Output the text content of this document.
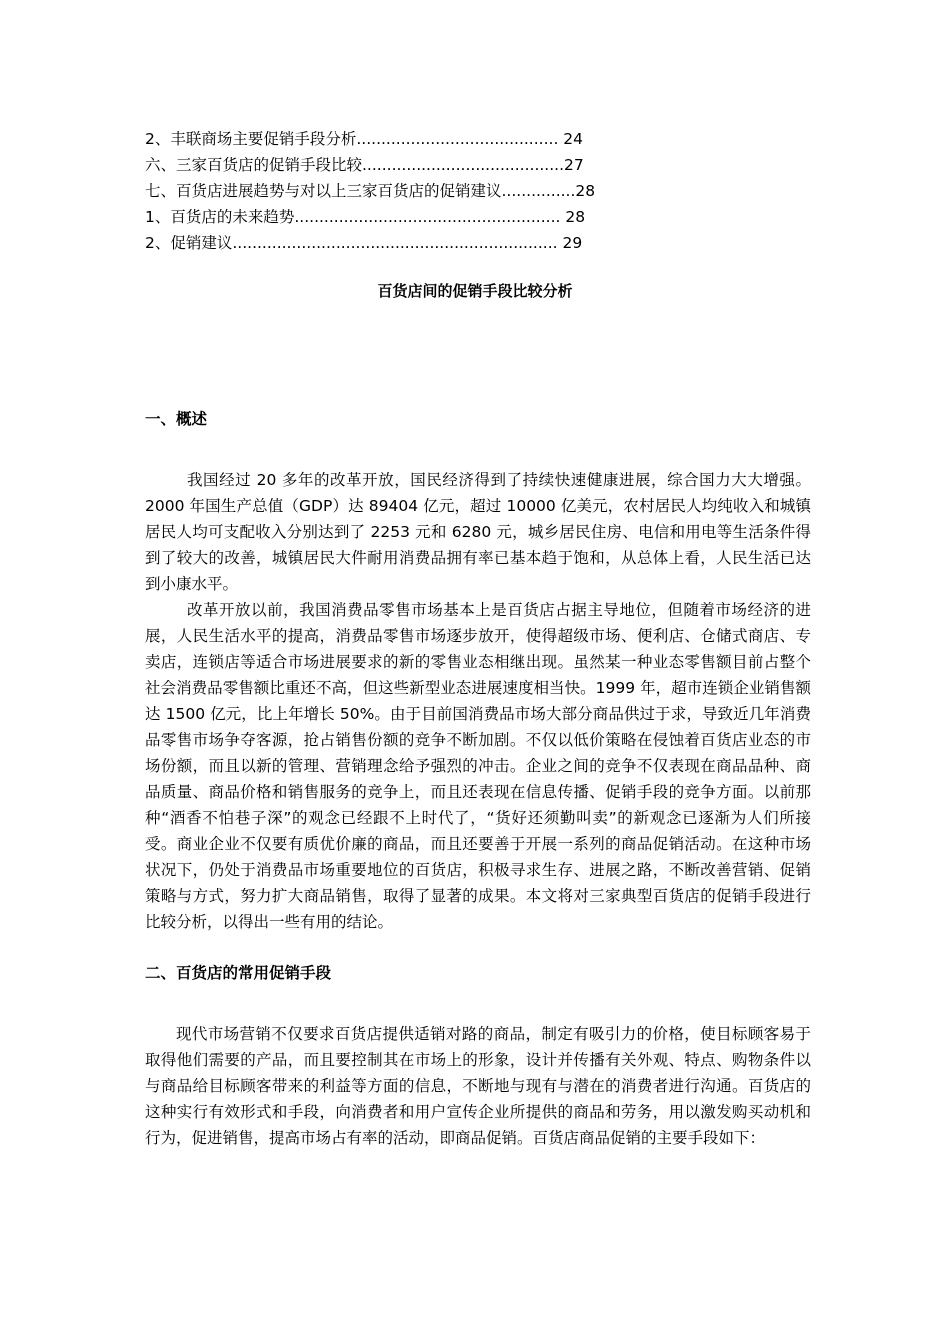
2、丰联商场主要促销手段分析......................................... 24
六、三家百货店的促销手段比较.........................................27
七、百货店进展趋势与对以上三家百货店的促销建议...............28
1、百货店的未来趋势...................................................... 28
2、促销建议.................................................................. 29
百货店间的促销手段比较分析
一、概述

我国经过 20 多年的改革开放，国民经济得到了持续快速健康进展，综合国力大大增强。2000 年国生产总值（GDP）达 89404 亿元，超过 10000 亿美元，农村居民人均纯收入和城镇居民人均可支配收入分别达到了 2253 元和 6280 元，城乡居民住房、电信和用电等生活条件得到了较大的改善，城镇居民大件耐用消费品拥有率已基本趋于饱和，从总体上看，人民生活已达到小康水平。

改革开放以前，我国消费品零售市场基本上是百货店占据主导地位，但随着市场经济的进展，人民生活水平的提高，消费品零售市场逐步放开，使得超级市场、便利店、仓储式商店、专卖店，连锁店等适合市场进展要求的新的零售业态相继出现。虽然某一种业态零售额目前占整个社会消费品零售额比重还不高，但这些新型业态进展速度相当快。1999 年，超市连锁企业销售额达 1500 亿元，比上年增长 50%。由于目前国消费品市场大部分商品供过于求，导致近几年消费品零售市场争夺客源，抢占销售份额的竞争不断加剧。不仅以低价策略在侵蚀着百货店业态的市场份额，而且以新的管理、营销理念给予强烈的冲击。企业之间的竞争不仅表现在商品品种、商品质量、商品价格和销售服务的竞争上，而且还表现在信息传播、促销手段的竞争方面。以前那种“酒香不怕巷子深”的观念已经跟不上时代了，“货好还须勤叫卖”的新观念已逐渐为人们所接受。商业企业不仅要有质优价廉的商品，而且还要善于开展一系列的商品促销活动。在这种市场状况下，仍处于消费品市场重要地位的百货店，积极寻求生存、进展之路，不断改善营销、促销策略与方式，努力扩大商品销售，取得了显著的成果。本文将对三家典型百货店的促销手段进行比较分析，以得出一些有用的结论。

二、百货店的常用促销手段

现代市场营销不仅要求百货店提供适销对路的商品，制定有吸引力的价格，使目标顾客易于取得他们需要的产品，而且要控制其在市场上的形象，设计并传播有关外观、特点、购物条件以与商品给目标顾客带来的利益等方面的信息，不断地与现有与潜在的消费者进行沟通。百货店的这种实行有效形式和手段，向消费者和用户宣传企业所提供的商品和劳务，用以激发购买动机和行为，促进销售，提高市场占有率的活动，即商品促销。百货店商品促销的主要手段如下：
